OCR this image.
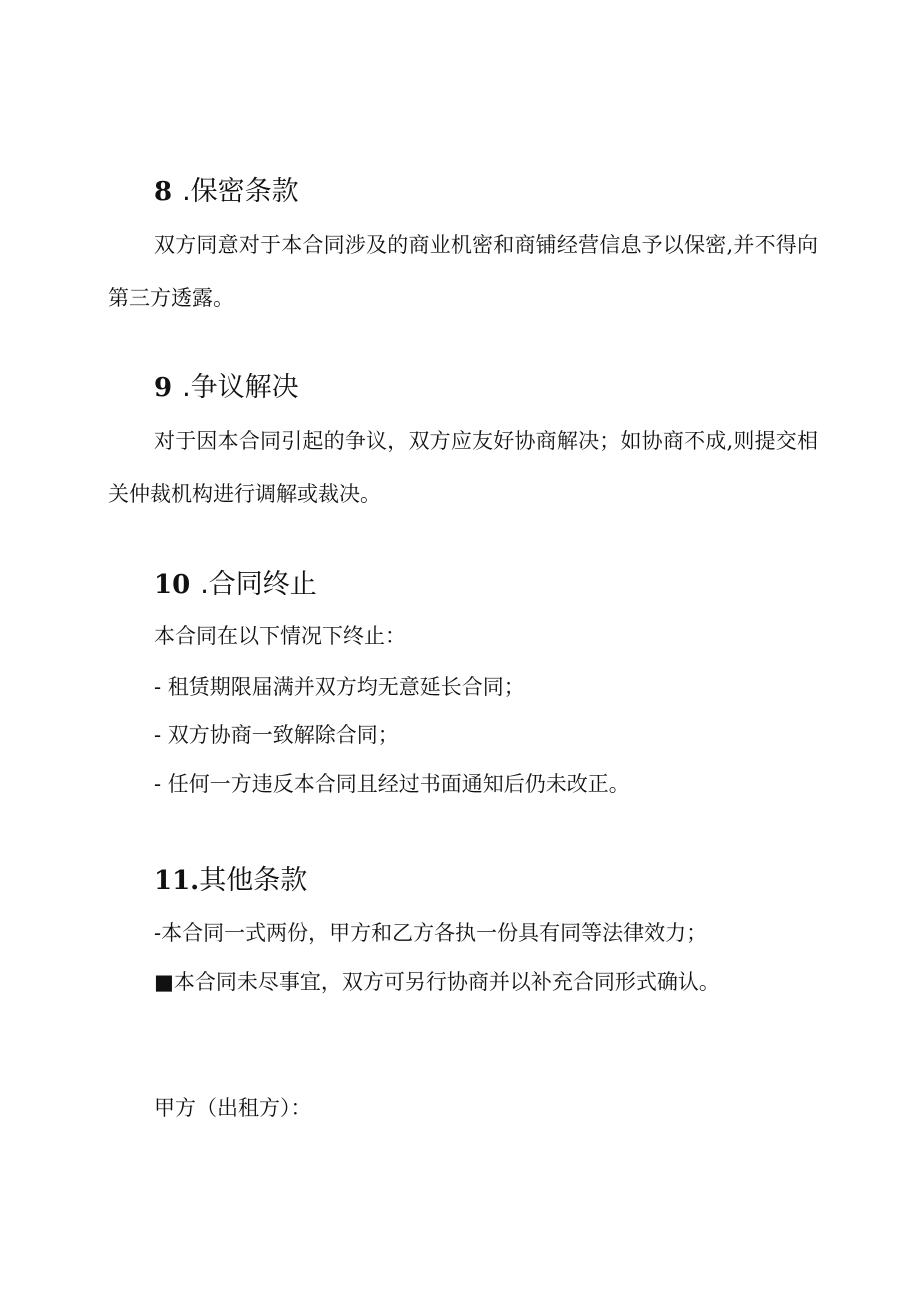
8 .保密条款
双方同意对于本合同涉及的商业机密和商铺经营信息予以保密,并不得向第三方透露。
9 .争议解决
对于因本合同引起的争议，双方应友好协商解决；如协商不成,则提交相关仲裁机构进行调解或裁决。
10 .合同终止
本合同在以下情况下终止：
- 租赁期限届满并双方均无意延长合同；
- 双方协商一致解除合同；
- 任何一方违反本合同且经过书面通知后仍未改正。
11.其他条款
-本合同一式两份，甲方和乙方各执一份具有同等法律效力；
■本合同未尽事宜，双方可另行协商并以补充合同形式确认。
甲方（出租方）：
